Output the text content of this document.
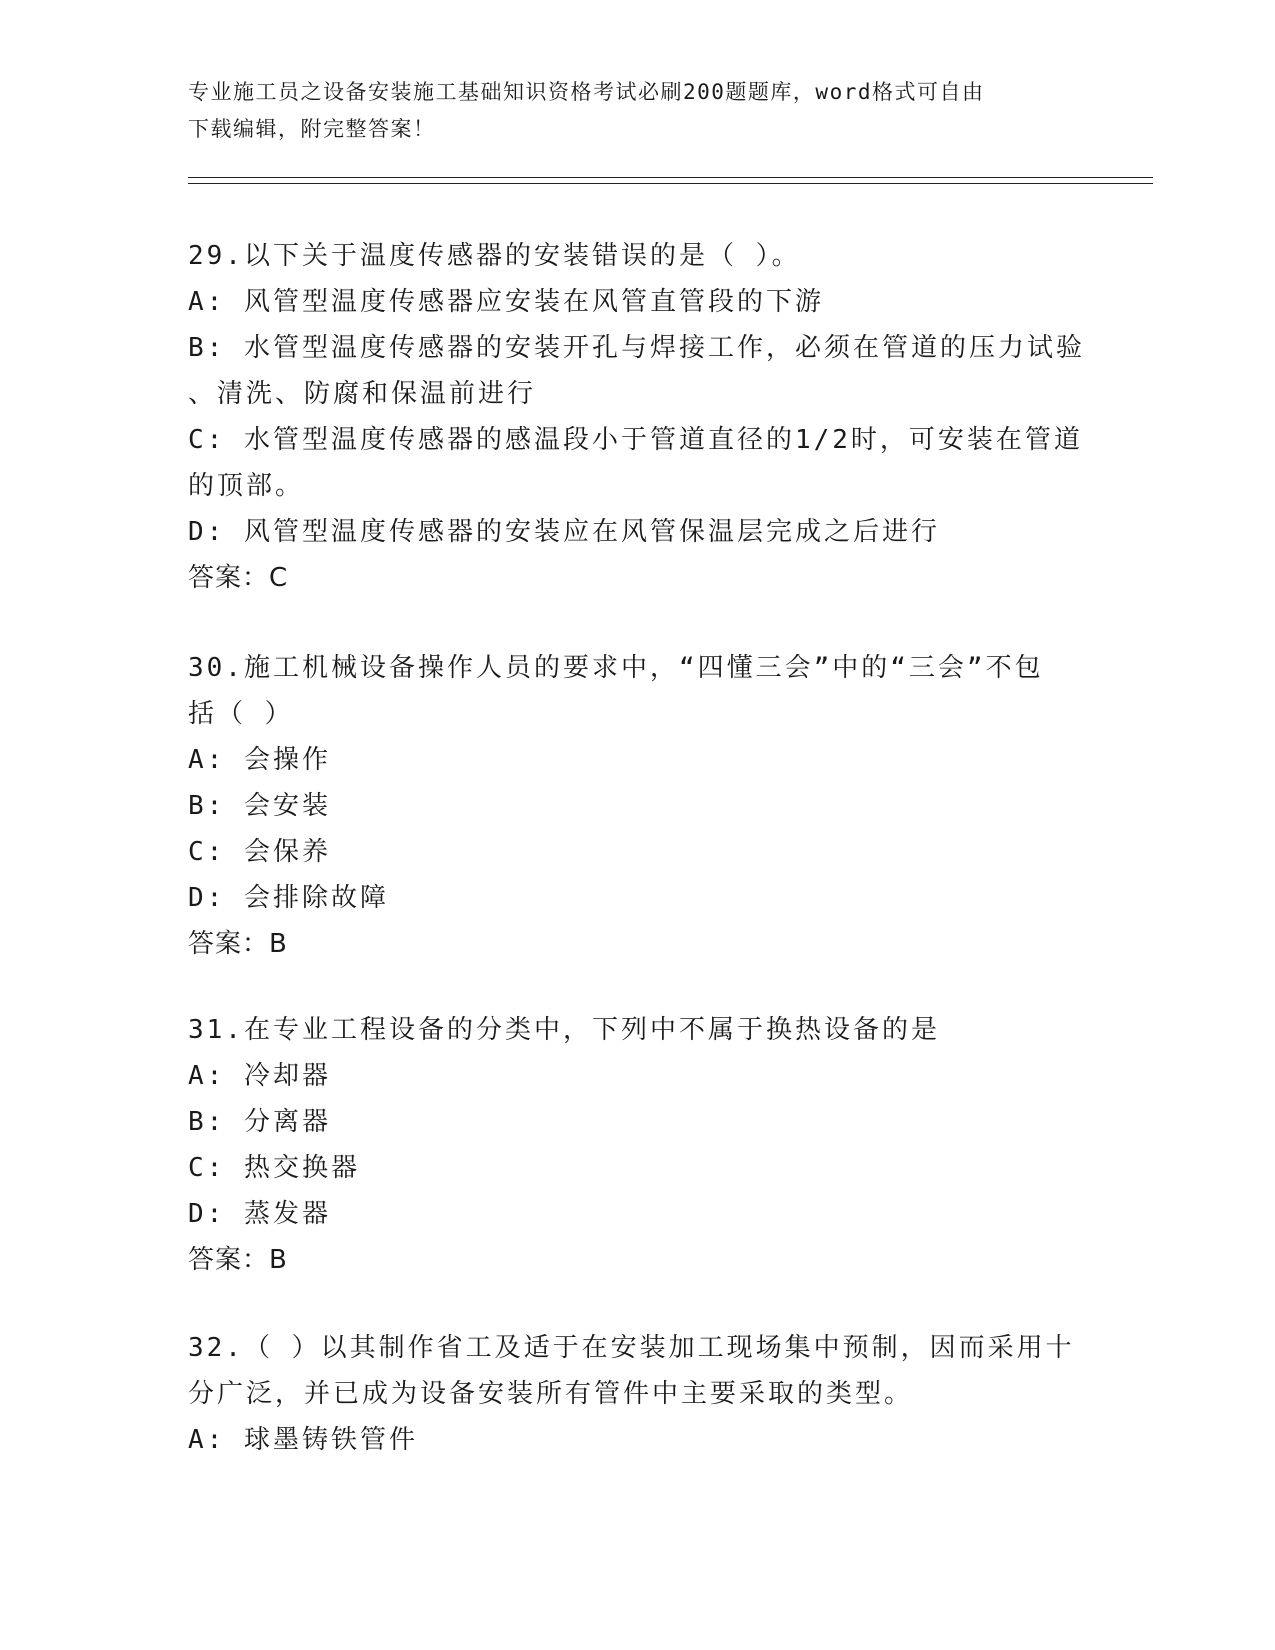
专业施工员之设备安装施工基础知识资格考试必刷200题题库，word格式可自由
下载编辑，附完整答案！
29.以下关于温度传感器的安装错误的是（ ）。
A: 风管型温度传感器应安装在风管直管段的下游
B: 水管型温度传感器的安装开孔与焊接工作，必须在管道的压力试验
、清洗、防腐和保温前进行
C: 水管型温度传感器的感温段小于管道直径的1/2时，可安装在管道
的顶部。
D: 风管型温度传感器的安装应在风管保温层完成之后进行
答案：C
30.施工机械设备操作人员的要求中，“四懂三会”中的“三会”不包
括（ ）
A: 会操作
B: 会安装
C: 会保养
D: 会排除故障
答案：B
31.在专业工程设备的分类中，下列中不属于换热设备的是
A: 冷却器
B: 分离器
C: 热交换器
D: 蒸发器
答案：B
32.（ ）以其制作省工及适于在安装加工现场集中预制，因而采用十
分广泛，并已成为设备安装所有管件中主要采取的类型。
A: 球墨铸铁管件
